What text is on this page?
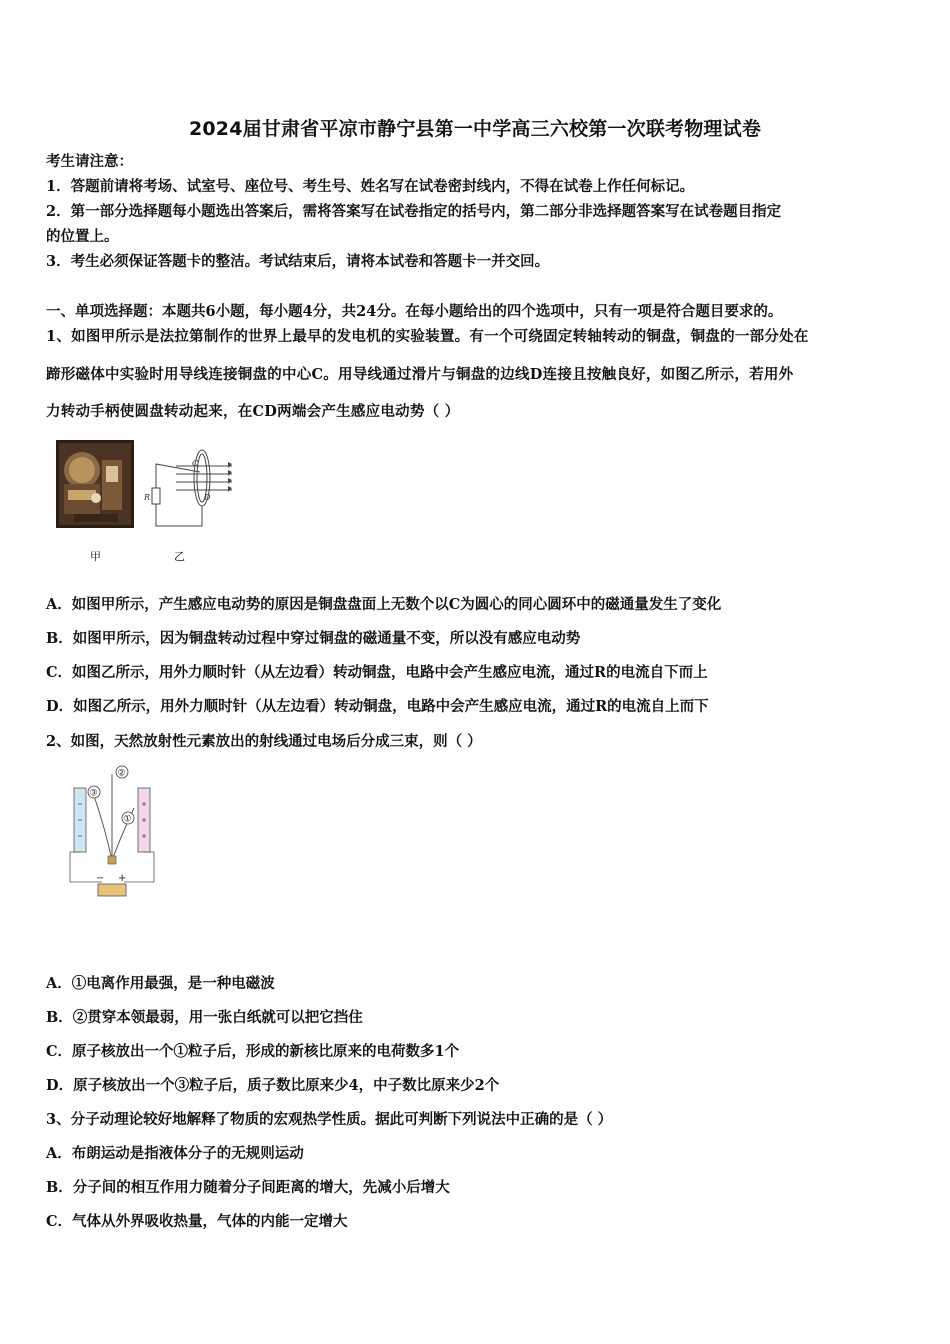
2024届甘肃省平凉市静宁县第一中学高三六校第一次联考物理试卷
考生请注意：
1．答题前请将考场、试室号、座位号、考生号、姓名写在试卷密封线内，不得在试卷上作任何标记。
2．第一部分选择题每小题选出答案后，需将答案写在试卷指定的括号内，第二部分非选择题答案写在试卷题目指定
的位置上。
3．考生必须保证答题卡的整洁。考试结束后，请将本试卷和答题卡一并交回。
一、单项选择题：本题共6小题，每小题4分，共24分。在每小题给出的四个选项中，只有一项是符合题目要求的。
1、如图甲所示是法拉第制作的世界上最早的发电机的实验装置。有一个可绕固定转轴转动的铜盘，铜盘的一部分处在
蹄形磁体中实验时用导线连接铜盘的中心C。用导线通过滑片与铜盘的边线D连接且按触良好，如图乙所示，若用外
力转动手柄使圆盘转动起来，在CD两端会产生感应电动势（ ）
甲
C
D
R
乙
A．如图甲所示，产生感应电动势的原因是铜盘盘面上无数个以C为圆心的同心圆环中的磁通量发生了变化
B．如图甲所示，因为铜盘转动过程中穿过铜盘的磁通量不变，所以没有感应电动势
C．如图乙所示，用外力顺时针（从左边看）转动铜盘，电路中会产生感应电流，通过R的电流自下而上
D．如图乙所示，用外力顺时针（从左边看）转动铜盘，电路中会产生感应电流，通过R的电流自上而下
2、如图，天然放射性元素放出的射线通过电场后分成三束，则（ ）
③
②
①
− +
A．①电离作用最强，是一种电磁波
B．②贯穿本领最弱，用一张白纸就可以把它挡住
C．原子核放出一个①粒子后，形成的新核比原来的电荷数多1个
D．原子核放出一个③粒子后，质子数比原来少4，中子数比原来少2个
3、分子动理论较好地解释了物质的宏观热学性质。据此可判断下列说法中正确的是（ ）
A．布朗运动是指液体分子的无规则运动
B．分子间的相互作用力随着分子间距离的增大，先减小后增大
C．气体从外界吸收热量，气体的内能一定增大
